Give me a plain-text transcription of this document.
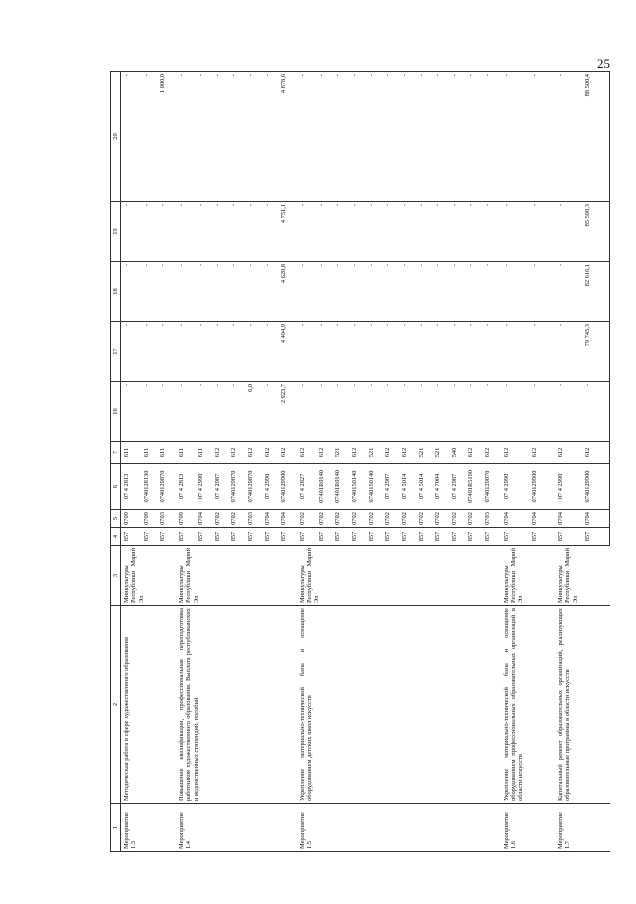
25
1	2	3	4	5	6	7	16	17	18	19	20
Мероприятие 1.3	Методическая работа в сфере художественного образования	Минкультуры Республики Марий Эл	857	0709	07 4 2813	611	-	-	-	-	-
			857	0709	0740128130	611	-	-	-	-	-
			857	0703	0740129870	611	-	-	-	-	1 000,0
Мероприятие 1.4	Повышение квалификации, профессиональная переподготовка работников художественного образования. Выплата республиканских и ведомственных стипендий, пособий	Минкультуры Республики Марий Эл	857	0709	07 4 2813	611	-	-	-	-	-
			857	0704	07 4 2990	611	-	-	-	-	-
			857	0702	07 4 2987	612	-	-	-	-	-
			857	0702	0740129870	612	-	-	-	-	-
			857	0703	0740129870	612	6,0	-	-	-	-
			857	0704	07 4 2990	612	-	-	-	-	-
			857	0704	0740129900	612	2 923,7	4 494,9	4 620,8	4 751,1	4 878,6
Мероприятие 1.5	Укрепление материально-технической базы и оснащение оборудованием детских школ искусств	Минкультуры Республики Марий Эл	857	0702	07 4 2827	612	-	-	-	-	-
			857	0702	07401R0140	612	-	-	-	-	-
			857	0702	07401R0140	521	-	-	-	-	-
			857	0702	0740150140	612	-	-	-	-	-
			857	0702	0740150140	521	-	-	-	-	-
			857	0702	07 4 2987	612	-	-	-	-	-
			857	0702	07 4 5014	612	-	-	-	-	-
			857	0702	07 4 5014	521	-	-	-	-	-
			857	0702	07 4 7004	521	-	-	-	-	-
			857	0702	07 4 2987	540	-	-	-	-	-
			857	0702	07401R5190	612	-	-	-	-	-
			857	0703	0740129870	612	-	-	-	-	-
Мероприятие 1.6	Укрепление материально-технической базы и оснащение оборудованием профессиональных образовательных организаций в области искусств	Минкультуры Республики Марий Эл	857	0704	07 4 2990	612	-	-	-	-	-
			857	0704	0740129900	612	-	-	-	-	-
Мероприятие 1.7	Капитальный ремонт образовательных организаций, реализующих образовательные программы в области искусств	Минкультуры Республики Марий Эл	857	0704	07 4 2990	612	-	-	-	-	-
			857	0704	0740129900	612	-	79 745,3	82 616,1	85 590,3	88 500,4
